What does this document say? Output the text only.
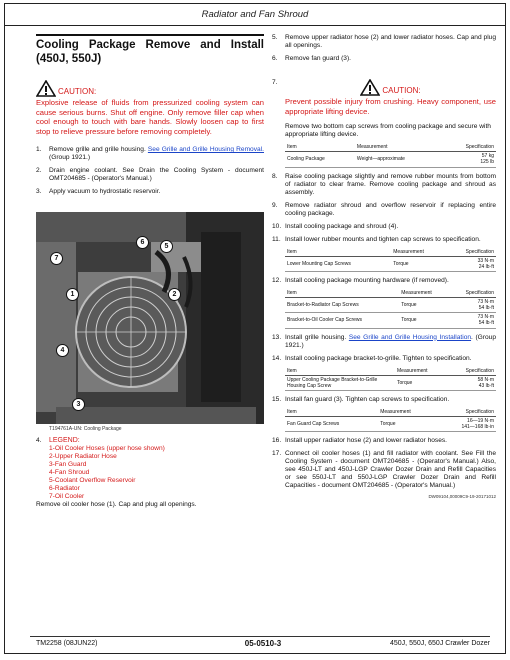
Radiator and Fan Shroud
Cooling Package Remove and Install (450J, 550J)
CAUTION:
Explosive release of fluids from pressurized cooling system can cause serious burns. Shut off engine. Only remove filler cap when cool enough to touch with bare hands. Slowly loosen cap to first stop to relieve pressure before removing completely.
1.	Remove grille and grille housing. See Grille and Grille Housing Removal. (Group 1921.)
2.	Drain engine coolant. See Drain the Cooling System - document OMT204685 - (Operator's Manual.)
3.	Apply vacuum to hydrostatic reservoir.
6
5
7
1	2
4
3
T194761A-UN: Cooling Package
4.	LEGEND:
1-Oil Cooler Hoses (upper hose shown)
2-Upper Radiator Hose
3-Fan Guard
4-Fan Shroud
5-Coolant Overflow Reservoir
6-Radiator
7-Oil Cooler
Remove oil cooler hose (1). Cap and plug all openings.
5.	Remove upper radiator hose (2) and lower radiator hoses. Cap and plug all openings.
6.	Remove fan guard (3).
7.
CAUTION:
Prevent possible injury from crushing. Heavy component, use appropriate lifting device.
Remove two bottom cap screws from cooling package and secure with appropriate lifting device.
Item	Measurement	Specification
Cooling Package	Weight—approximate	57 kg
125 lb
8.	Raise cooling package slightly and remove rubber mounts from bottom of radiator to clear frame. Remove cooling package and shroud as assembly.
9.	Remove radiator shroud and overflow reservoir if replacing entire cooling package.
10. Install cooling package and shroud (4).
11. Install lower rubber mounts and tighten cap screws to specification.
Item	Measurement	Specification
Lower Mounting Cap Screws	Torque	33 N·m
24 lb·ft
12. Install cooling package mounting hardware (if removed).
Item	Measurement	Specification
Bracket-to-Radiator Cap Screws	Torque	73 N·m
54 lb·ft

Bracket-to-Oil Cooler Cap Screws	Torque	73 N·m
54 lb·ft
13. Install grille housing. See Grille and Grille Housing Installation. (Group 1921.)
14. Install cooling package bracket-to-grille. Tighten to specification.
Item	Measurement	Specification
Upper Cooling Package Bracket-to-Grille Housing Cap Screw	Torque	58 N·m
43 lb·ft
15. Install fan guard (3). Tighten cap screws to specification.
Item	Measurement	Specification
Fan Guard Cap Screws	Torque	16—19 N·m
141—168 lb·in
16. Install upper radiator hose (2) and lower radiator hoses.
17. Connect oil cooler hoses (1) and fill radiator with coolant. See Fill the Cooling System - document OMT204685 - (Operator's Manual.) Also, see 450J-LT and 450J-LGP Crawler Dozer Drain and Refill Capacities or see 550J-LT and 550J-LGP Crawler Dozer Drain and Refill Capacities - document OMT204685 - (Operator's Manual.)
DW09104,00009C9-19-20171012
TM2258 (08JUN22)	05-0510-3	450J, 550J, 650J Crawler Dozer
